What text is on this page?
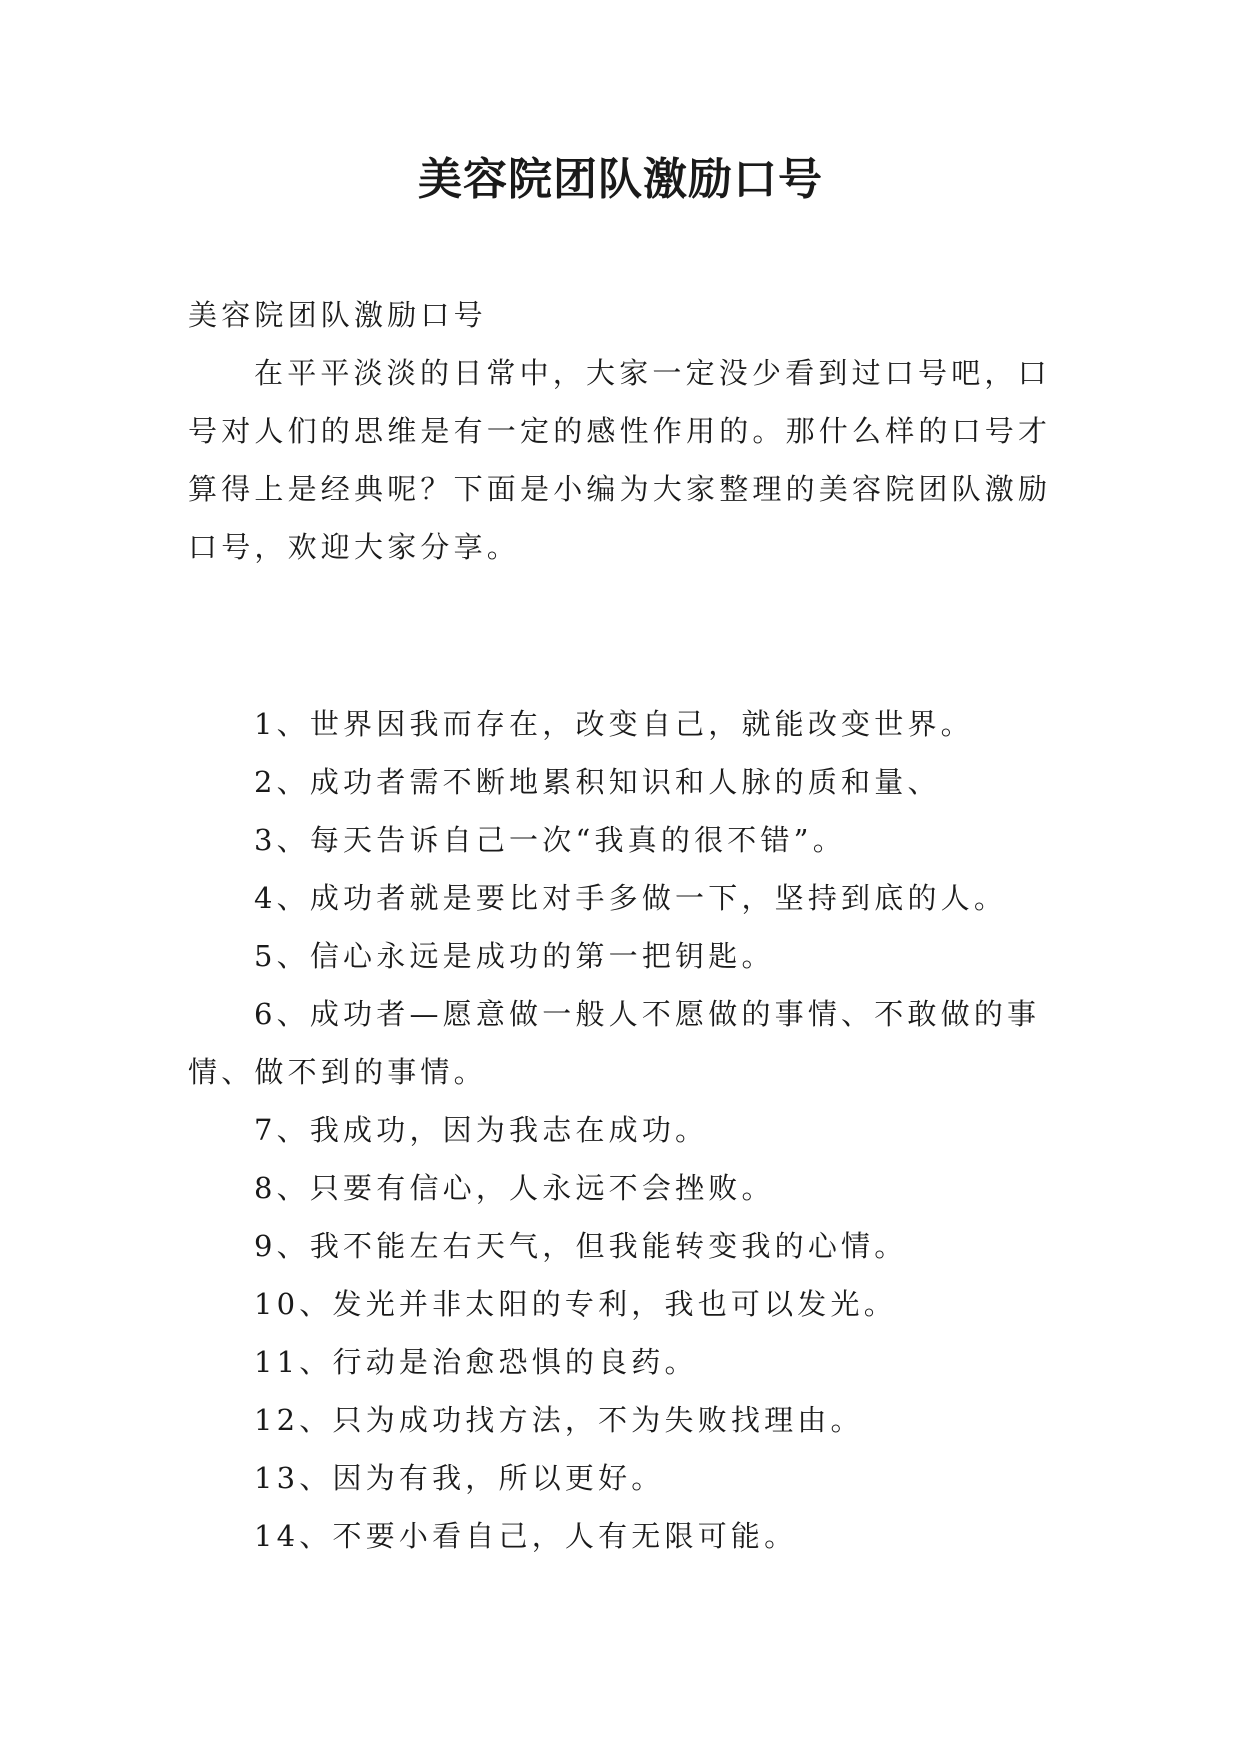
美容院团队激励口号
美容院团队激励口号

在平平淡淡的日常中，大家一定没少看到过口号吧，口号对人们的思维是有一定的感性作用的。那什么样的口号才算得上是经典呢？下面是小编为大家整理的美容院团队激励口号，欢迎大家分享。

1、世界因我而存在，改变自己，就能改变世界。
2、成功者需不断地累积知识和人脉的质和量、
3、每天告诉自己一次“我真的很不错”。
4、成功者就是要比对手多做一下，坚持到底的人。
5、信心永远是成功的第一把钥匙。
6、成功者—愿意做一般人不愿做的事情、不敢做的事情、做不到的事情。
7、我成功，因为我志在成功。
8、只要有信心，人永远不会挫败。
9、我不能左右天气，但我能转变我的心情。
10、发光并非太阳的专利，我也可以发光。
11、行动是治愈恐惧的良药。
12、只为成功找方法，不为失败找理由。
13、因为有我，所以更好。
14、不要小看自己，人有无限可能。
